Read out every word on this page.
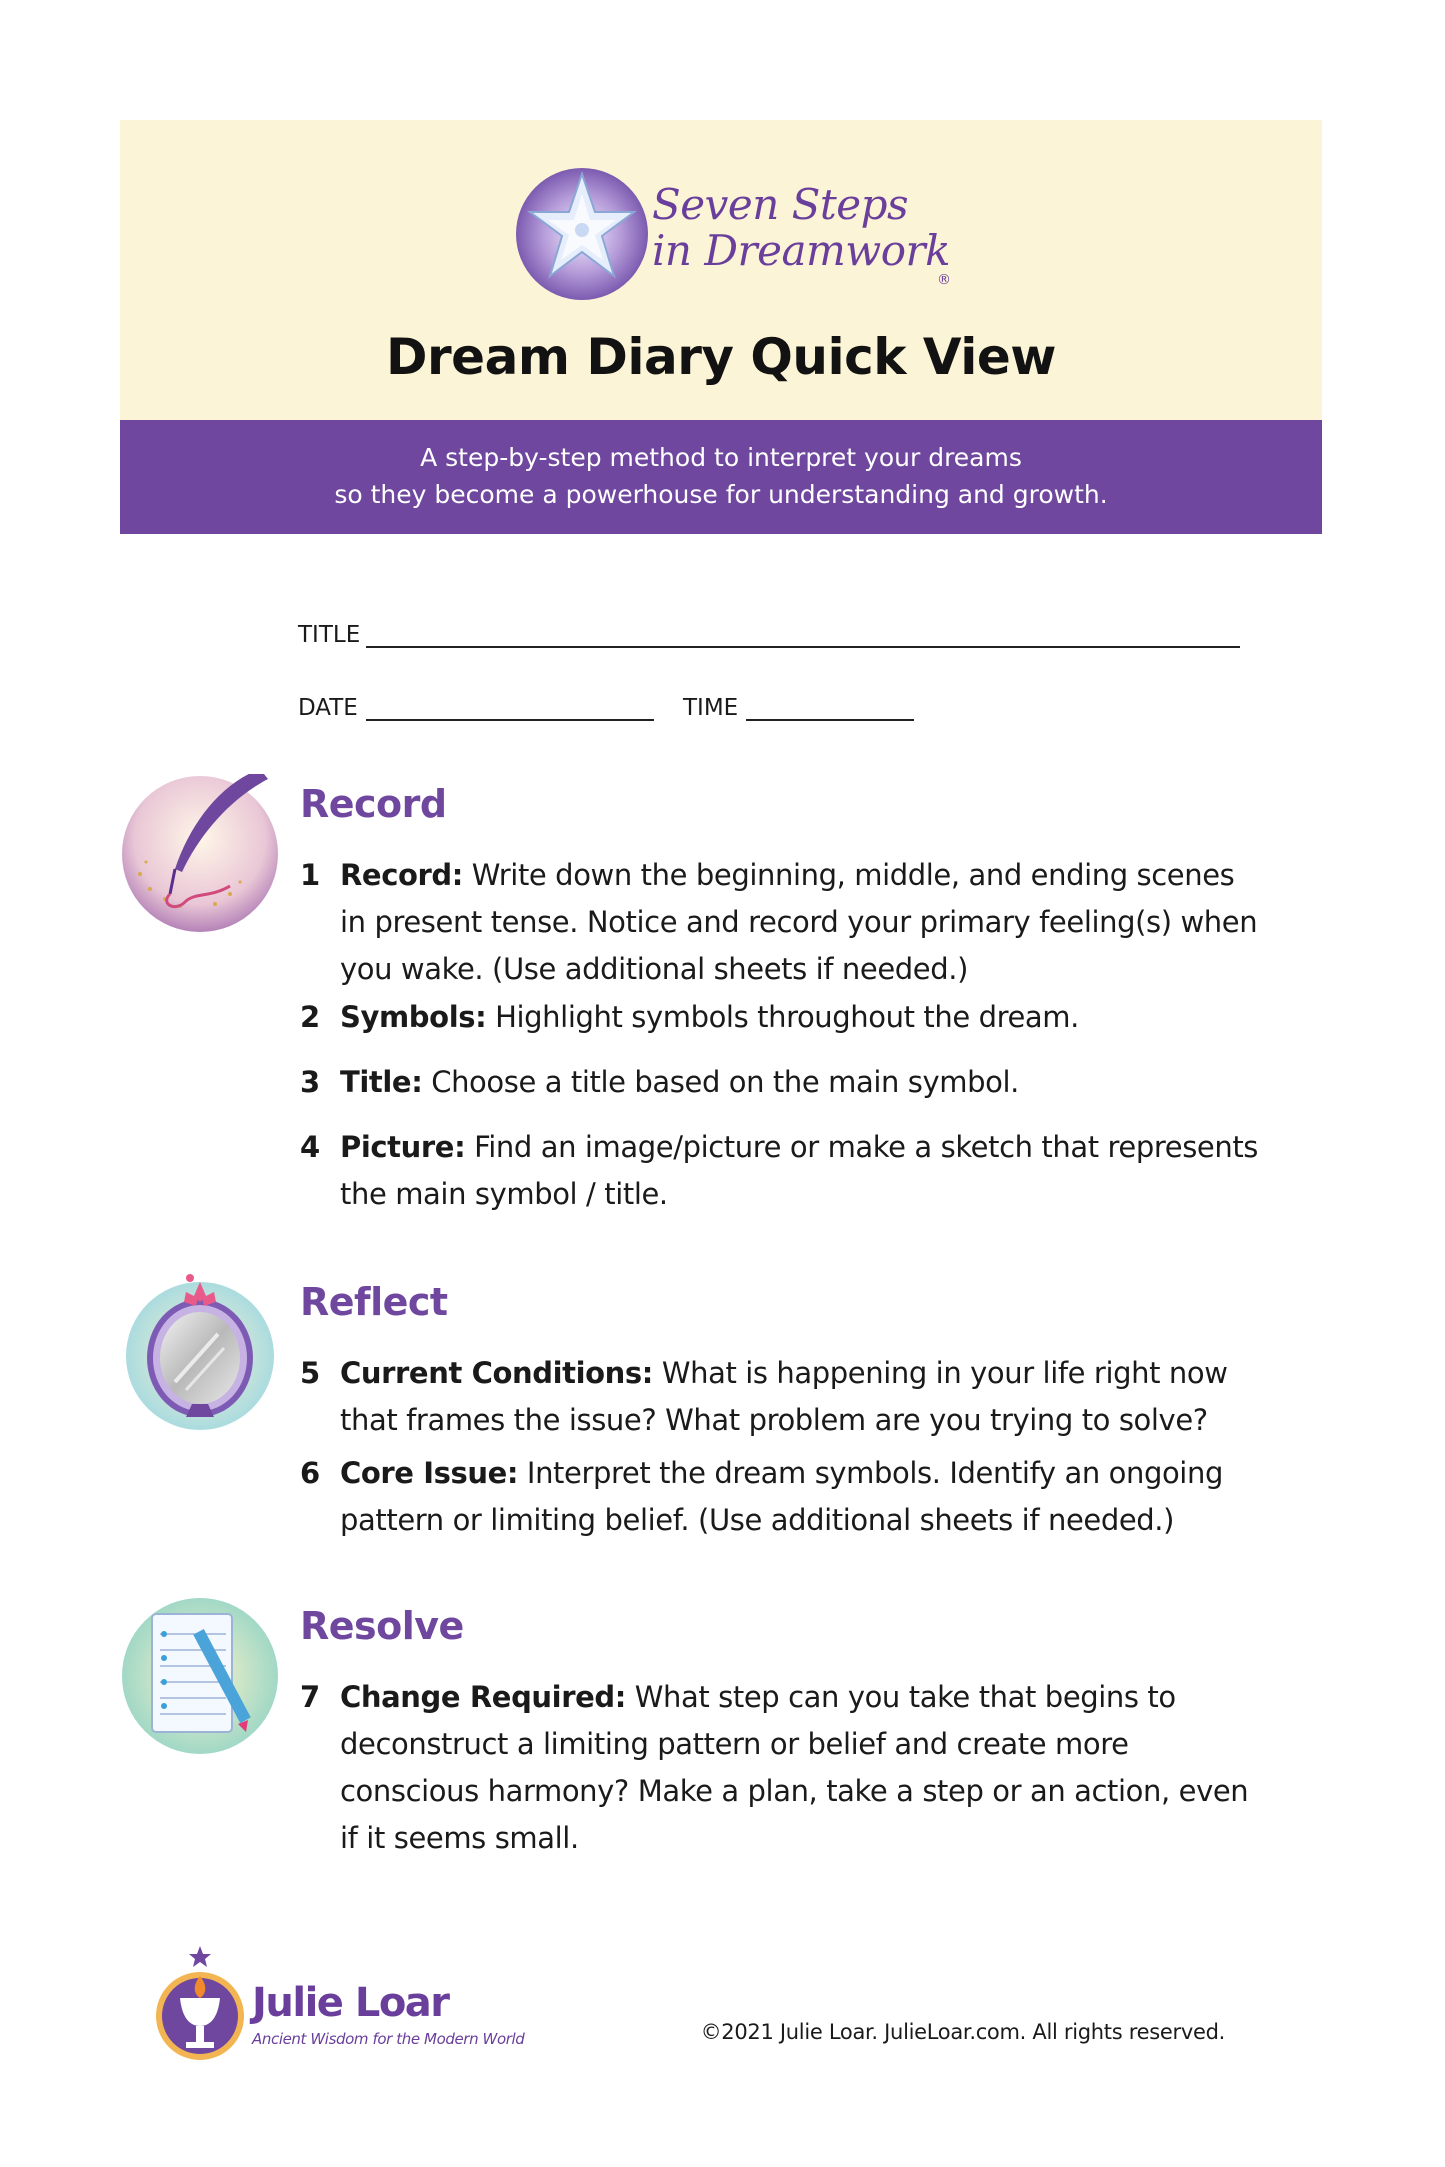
Seven Steps
in Dreamwork
®
Dream Diary Quick View
A step-by-step method to interpret your dreams
so they become a powerhouse for understanding and growth.
TITLE
DATE	TIME
Record
1 Record: Write down the beginning, middle, and ending scenes in present tense. Notice and record your primary feeling(s) when you wake. (Use additional sheets if needed.)
2 Symbols: Highlight symbols throughout the dream.
3 Title: Choose a title based on the main symbol.
4 Picture: Find an image/picture or make a sketch that represents the main symbol / title.
Reflect
5 Current Conditions: What is happening in your life right now that frames the issue? What problem are you trying to solve?
6 Core Issue: Interpret the dream symbols. Identify an ongoing pattern or limiting belief. (Use additional sheets if needed.)
Resolve
7 Change Required: What step can you take that begins to deconstruct a limiting pattern or belief and create more conscious harmony? Make a plan, take a step or an action, even if it seems small.
Julie Loar
Ancient Wisdom for the Modern World	©2021 Julie Loar. JulieLoar.com. All rights reserved.
